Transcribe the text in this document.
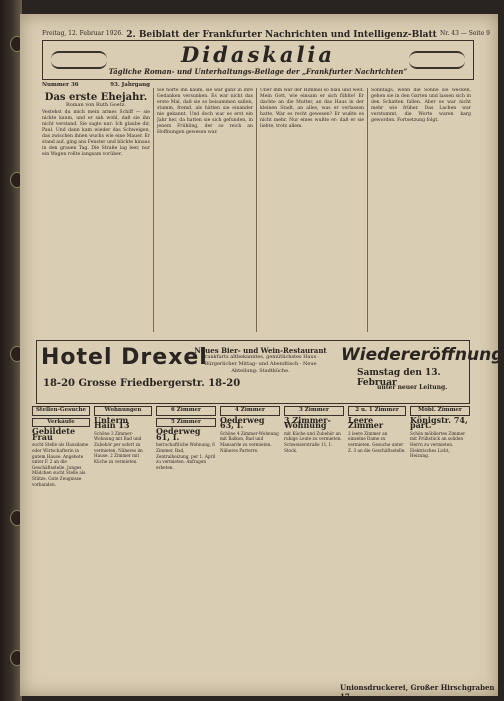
Freitag, 12. Februar 1926. 2. Beiblatt der Frankfurter Nachrichten und Intelligenz-Blatt Nr. 43 — Seite 9
Didaskalia
Tägliche Roman- und Unterhaltungs-Beilage der „Frankfurter Nachrichten“
Nummer 36	93. Jahrgang
Das erste Ehejahr.
Roman von Ruth Goetz.

Vestehst du mich mein armes Schiff — sie nickte kaum, und er sah wohl, daß sie ihn nicht verstand. Sie sagte nur: Ich glaube dir, Paul. Und dann kam wieder das Schweigen, das zwischen ihnen wuchs wie eine Mauer. Er stand auf, ging ans Fenster und blickte hinaus in den grauen Tag. Die Straße lag leer, nur ein Wagen rollte langsam vorüber.

Sie hörte ihn kaum, sie war ganz in ihre Gedanken versunken. Es war nicht das erste Mal, daß sie so beisammen saßen, stumm, fremd, als hätten sie einander nie gekannt. Und doch war es erst ein Jahr her, da hatten sie sich gefunden, in jenem Frühling, der so reich an Hoffnungen gewesen war.

Über ihm war der Himmel so blau und weit. Mein Gott, wie einsam er sich fühlte! Er dachte an die Mutter, an das Haus in der kleinen Stadt, an alles, was er verlassen hatte. War es recht gewesen? Er wußte es nicht mehr. Nur eines wußte er: daß er sie liebte, trotz allem.

Sonntags, wenn die Sonne sie wecken, gehen sie in den Garten und lassen sich in den Schatten fallen. Aber es war nicht mehr wie früher. Das Lachen war verstummt, die Worte waren karg geworden. Fortsetzung folgt.

Hotel Drexel
18-20 Grosse Friedbergerstr. 18-20
Neues Bier- und Wein-Restaurant
Frankfurts altbekanntes, gemütlichstes Haus · Bürgerlicher Mittag- und Abendtisch · Neue Abteilung: Stadtküche.
Wiedereröffnung
Samstag den 13. Februar
unter neuer Leitung.
Stellen-Gesuche
Verkäufe
Gebildete Frau
sucht Stelle als Hausdame oder Wirtschafterin in gutem Hause. Angebote unter F. 2 an die Geschäftsstelle. Junges Mädchen sucht Stelle als Stütze. Gute Zeugnisse vorhanden.
Wohnungen
Unterm Hain 13
Schöne 3 Zimmer-Wohnung mit Bad und Zubehör per sofort zu vermieten. Näheres im Hause. 2 Zimmer mit Küche zu vermieten.
6 Zimmer
5 Zimmer
Oederweg 61, I.
herrschaftliche Wohnung, 6 Zimmer, Bad, Zentralheizung, per 1. April zu vermieten. Anfragen erbeten.
4 Zimmer
Oederweg 63, I.
Schöne 4 Zimmer-Wohnung mit Balkon, Bad und Mansarde zu vermieten. Näheres Parterre.
3 Zimmer
3 Zimmer-Wohnung
mit Küche und Zubehör an ruhige Leute zu vermieten. Schweizerstraße 11, I. Stock.
2 u. 1 Zimmer
Leere Zimmer
2 leere Zimmer an einzelne Dame zu vermieten. Gesuche unter Z. 3 an die Geschäftsstelle.
Möbl. Zimmer
Königstr. 74, part.
Schön möbliertes Zimmer mit Frühstück an soliden Herrn zu vermieten. Elektrisches Licht, Heizung.
Unionsdruckerei, Großer Hirschgraben 17.
